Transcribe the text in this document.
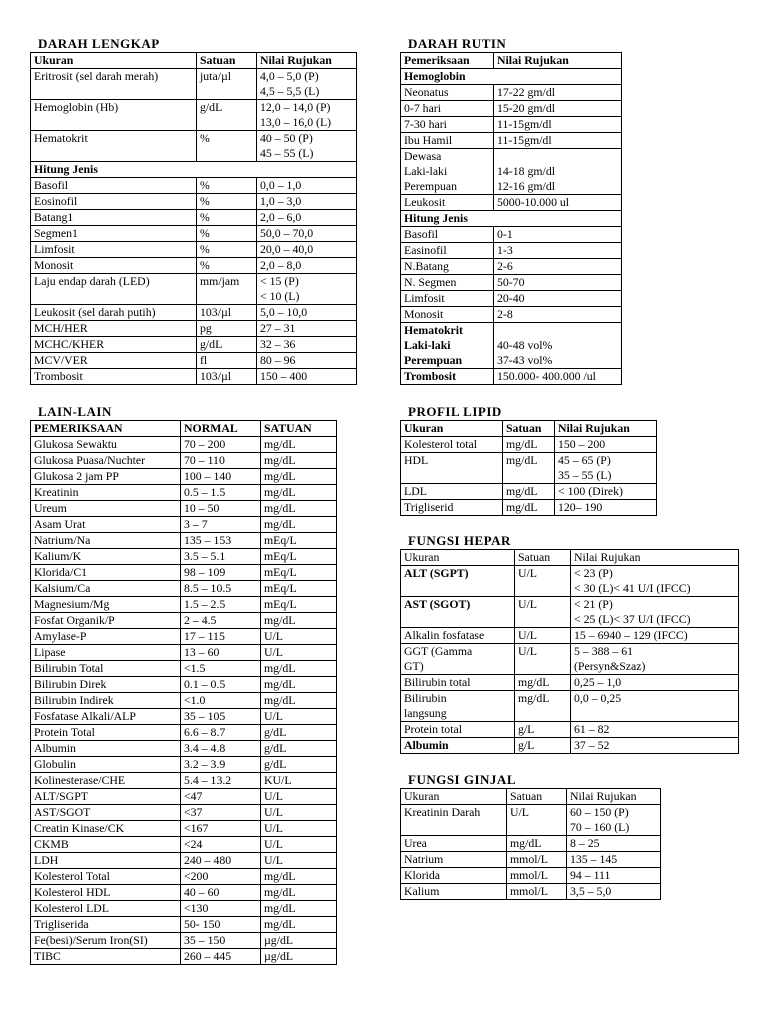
DARAH LENGKAP
Ukuran	Satuan	Nilai Rujukan
Eritrosit (sel darah merah)	juta/µl	4,0 – 5,0 (P)
4,5 – 5,5 (L)
Hemoglobin (Hb)	g/dL	12,0 – 14,0 (P)
13,0 – 16,0 (L)
Hematokrit	%	40 – 50 (P)
45 – 55 (L)
Hitung Jenis		
Basofil	%	0,0 – 1,0
Eosinofil	%	1,0 – 3,0
Batang1	%	2,0 – 6,0
Segmen1	%	50,0 – 70,0
Limfosit	%	20,0 – 40,0
Monosit	%	2,0 – 8,0
Laju endap darah (LED)	mm/jam	< 15 (P)
< 10 (L)
Leukosit (sel darah putih)	103/µl	5,0 – 10,0
MCH/HER	pg	27 – 31
MCHC/KHER	g/dL	32 – 36
MCV/VER	fl	80 – 96
Trombosit	103/µl	150 – 400
DARAH RUTIN
Pemeriksaan	Nilai Rujukan
Hemoglobin	
Neonatus	17-22 gm/dl
0-7 hari	15-20 gm/dl
7-30 hari	11-15gm/dl
Ibu Hamil	11-15gm/dl
Dewasa
Laki-laki
Perempuan	14-18 gm/dl
12-16 gm/dl
Leukosit	5000-10.000 ul
Hitung Jenis	
Basofil	0-1
Easinofil	1-3
N.Batang	2-6
N. Segmen	50-70
Limfosit	20-40
Monosit	2-8
Hematokrit
Laki-laki
Perempuan	40-48 vol%
37-43 vol%
Trombosit	150.000- 400.000 /ul
LAIN-LAIN
PEMERIKSAAN	NORMAL	SATUAN
Glukosa Sewaktu	70 – 200	mg/dL
Glukosa Puasa/Nuchter	70 – 110	mg/dL
Glukosa 2 jam PP	100 – 140	mg/dL
Kreatinin	0.5 – 1.5	mg/dL
Ureum	10 – 50	mg/dL
Asam Urat	3 – 7	mg/dL
Natrium/Na	135 – 153	mEq/L
Kalium/K	3.5 – 5.1	mEq/L
Klorida/C1	98 – 109	mEq/L
Kalsium/Ca	8.5 – 10.5	mEq/L
Magnesium/Mg	1.5 – 2.5	mEq/L
Fosfat Organik/P	2 – 4.5	mg/dL
Amylase-P	17 – 115	U/L
Lipase	13 – 60	U/L
Bilirubin Total	<1.5	mg/dL
Bilirubin Direk	0.1 – 0.5	mg/dL
Bilirubin Indirek	<1.0	mg/dL
Fosfatase Alkali/ALP	35 – 105	U/L
Protein Total	6.6 – 8.7	g/dL
Albumin	3.4 – 4.8	g/dL
Globulin	3.2 – 3.9	g/dL
Kolinesterase/CHE	5.4 – 13.2	KU/L
ALT/SGPT	<47	U/L
AST/SGOT	<37	U/L
Creatin Kinase/CK	<167	U/L
CKMB	<24	U/L
LDH	240 – 480	U/L
Kolesterol Total	<200	mg/dL
Kolesterol HDL	40 – 60	mg/dL
Kolesterol LDL	<130	mg/dL
Trigliserida	50- 150	mg/dL
Fe(besi)/Serum Iron(SI)	35 – 150	µg/dL
TIBC	260 – 445	µg/dL
PROFIL LIPID
Ukuran	Satuan	Nilai Rujukan
Kolesterol total	mg/dL	150 – 200
HDL	mg/dL	45 – 65 (P)
35 – 55 (L)
LDL	mg/dL	< 100 (Direk)
Trigliserid	mg/dL	120– 190
FUNGSI HEPAR
Ukuran	Satuan	Nilai Rujukan
ALT (SGPT)	U/L	< 23 (P)
< 30 (L)< 41 U/I (IFCC)
AST (SGOT)	U/L	< 21 (P)
< 25 (L)< 37 U/I (IFCC)
Alkalin fosfatase	U/L	15 – 6940 – 129 (IFCC)
GGT (Gamma
GT)	U/L	5 – 388 – 61
(Persyn&Szaz)
Bilirubin total	mg/dL	0,25 – 1,0
Bilirubin
langsung	mg/dL	0,0 – 0,25
Protein total	g/L	61 – 82
Albumin	g/L	37 – 52
FUNGSI GINJAL
Ukuran	Satuan	Nilai Rujukan
Kreatinin Darah	U/L	60 – 150 (P)
70 – 160 (L)
Urea	mg/dL	8 – 25
Natrium	mmol/L	135 – 145
Klorida	mmol/L	94 – 111
Kalium	mmol/L	3,5 – 5,0
